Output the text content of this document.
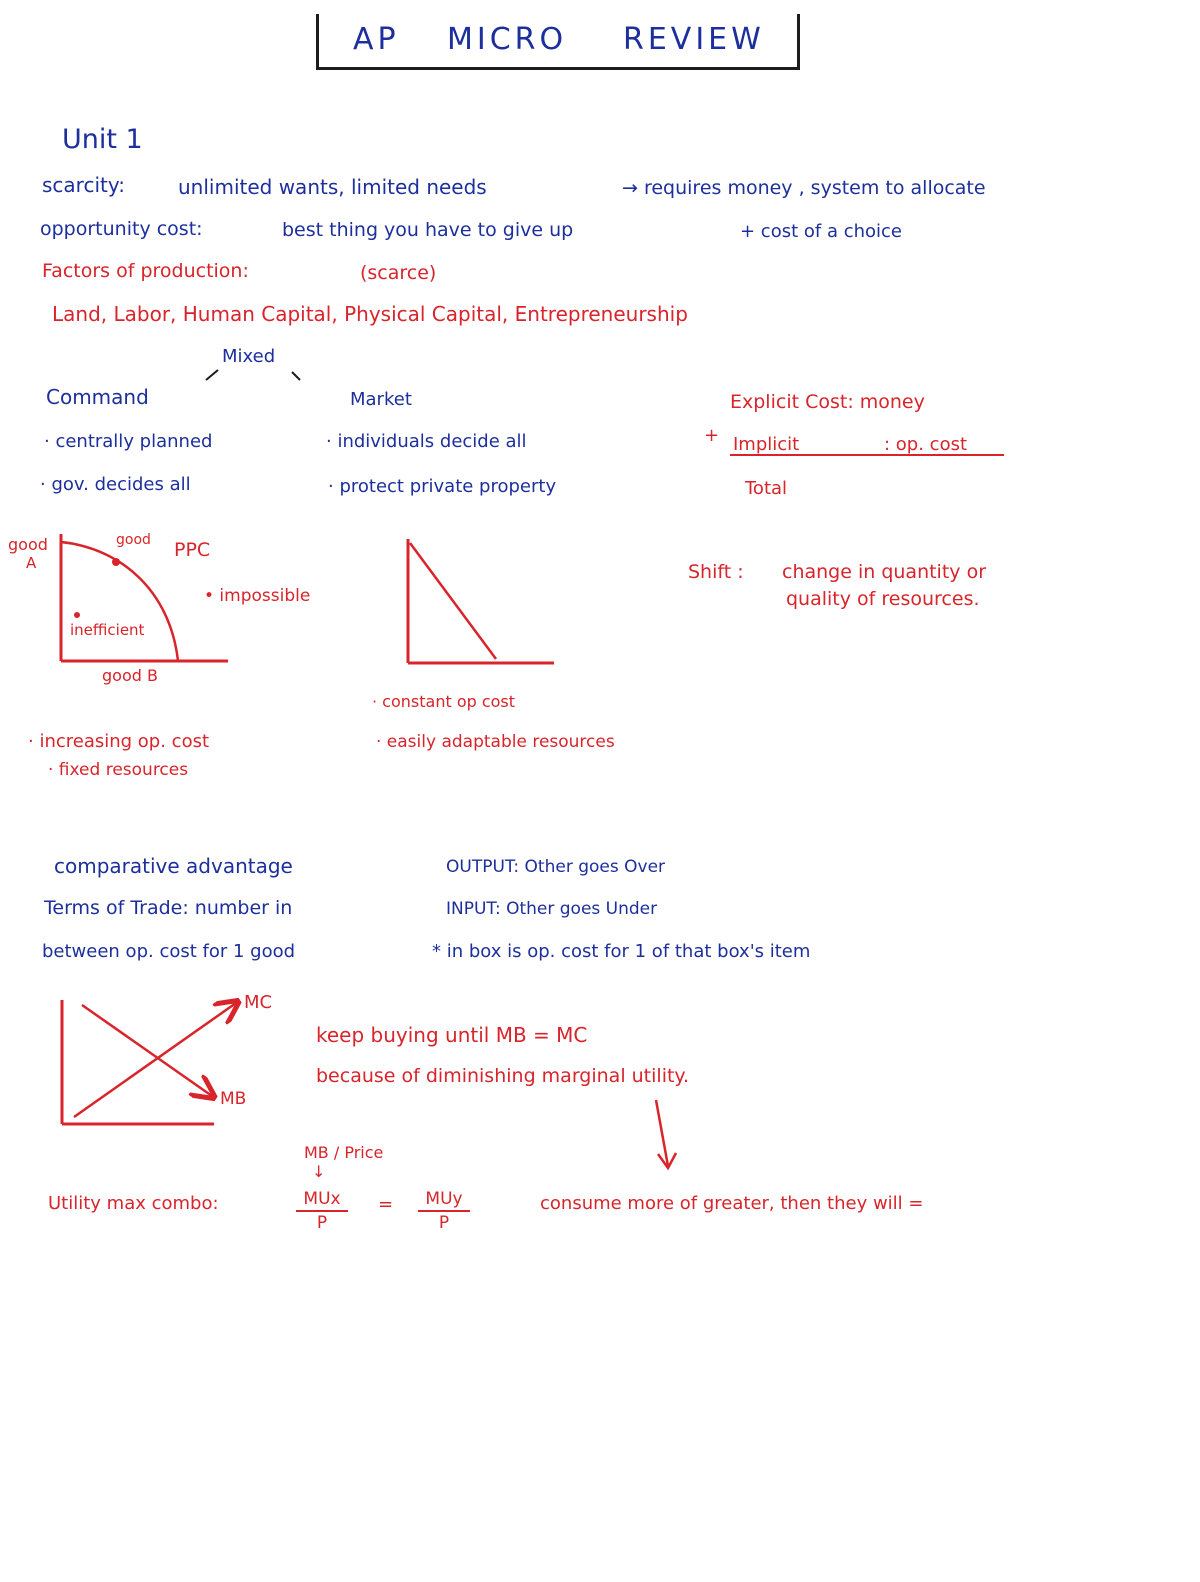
AP MICRO REVIEW
Unit 1
scarcity:	unlimited wants, limited needs	→ requires money , system to allocate
opportunity cost:	best thing you have to give up	+ cost of a choice
Factors of production:	(scarce)
Land, Labor, Human Capital, Physical Capital, Entrepreneurship
Mixed
Command
· centrally planned
· gov. decides all
Market
· individuals decide all
· protect private property
Explicit Cost: money
+ Implicit	: op. cost
Total
good
A
good PPC
• impossible
inefficient
good B
· increasing op. cost
· fixed resources
· constant op cost
· easily adaptable resources
Shift : change in quantity or
quality of resources.
comparative advantage
Terms of Trade: number in
between op. cost for 1 good
OUTPUT: Other goes Over
INPUT: Other goes Under
* in box is op. cost for 1 of that box's item
MC
MB
keep buying until MB = MC
because of diminishing marginal utility.
MB / Price
↓
Utility max combo:	MUx
P
=	MUy
P
consume more of greater, then they will =
